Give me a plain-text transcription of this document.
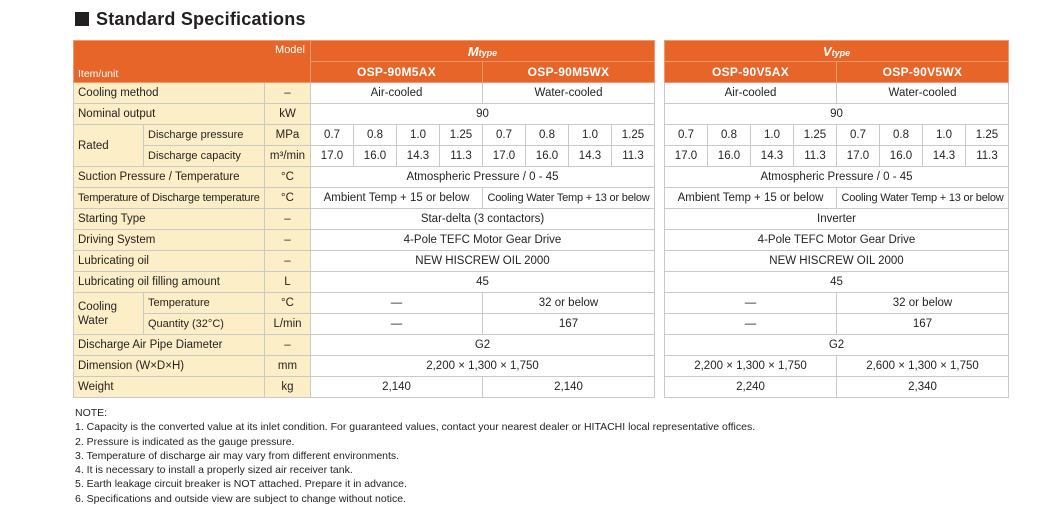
Standard Specifications
Model
Item/unit			Mtype							
			OSP-90M5AX				OSP-90M5WX			
Cooling method		–	Air-cooled				Water-cooled			
Nominal output		kW	90							
Rated	Discharge pressure	MPa	0.7	0.8	1.0	1.25	0.7	0.8	1.0	1.25
	Discharge capacity	m³/min	17.0	16.0	14.3	11.3	17.0	16.0	14.3	11.3
Suction Pressure / Temperature		°C	Atmospheric Pressure / 0 - 45							
Temperature of Discharge temperature		°C	Ambient Temp + 15 or below				Cooling Water Temp + 13 or below			
Starting Type		–	Star-delta (3 contactors)							
Driving System		–	4-Pole TEFC Motor Gear Drive							
Lubricating oil		–	NEW HISCREW OIL 2000							
Lubricating oil filling amount		L	45							
Cooling Water	Temperature	°C	—				32 or below			
	Quantity (32°C)	L/min	—				167			
Discharge Air Pipe Diameter		–	G2							
Dimension (W×D×H)		mm	2,200 × 1,300 × 1,750							
Weight		kg	2,140				2,140			
Vtype							
OSP-90V5AX				OSP-90V5WX			
Air-cooled				Water-cooled			
90							
0.7	0.8	1.0	1.25	0.7	0.8	1.0	1.25
17.0	16.0	14.3	11.3	17.0	16.0	14.3	11.3
Atmospheric Pressure / 0 - 45							
Ambient Temp + 15 or below				Cooling Water Temp + 13 or below			
Inverter							
4-Pole TEFC Motor Gear Drive							
NEW HISCREW OIL 2000							
45							
—				32 or below			
—				167			
G2							
2,200 × 1,300 × 1,750				2,600 × 1,300 × 1,750			
2,240				2,340			
NOTE:
1. Capacity is the converted value at its inlet condition. For guaranteed values, contact your nearest dealer or HITACHI local representative offices.
2. Pressure is indicated as the gauge pressure.
3. Temperature of discharge air may vary from different environments.
4. It is necessary to install a properly sized air receiver tank.
5. Earth leakage circuit breaker is NOT attached. Prepare it in advance.
6. Specifications and outside view are subject to change without notice.
